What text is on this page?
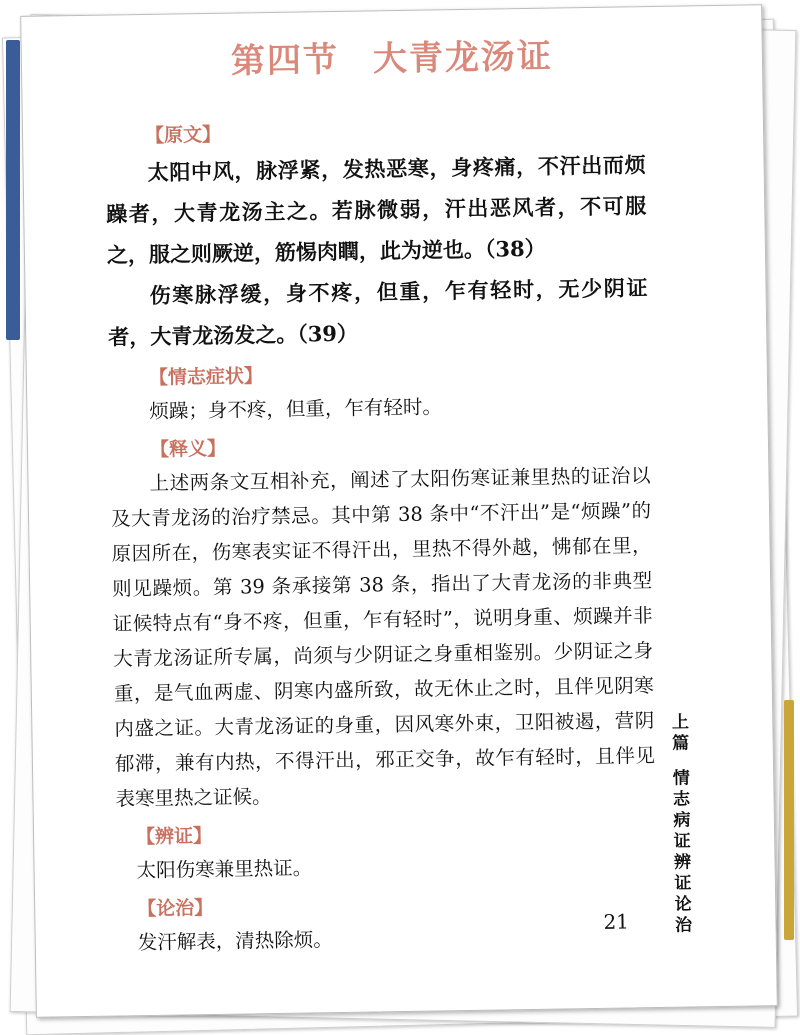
第四节 大青龙汤证
【原文】

太阳中风，脉浮紧，发热恶寒，身疼痛，不汗出而烦躁者，大青龙汤主之。若脉微弱，汗出恶风者，不可服之，服之则厥逆，筋惕肉瞤，此为逆也。（38）

伤寒脉浮缓，身不疼，但重，乍有轻时，无少阴证者，大青龙汤发之。（39）

【情志症状】

烦躁；身不疼，但重，乍有轻时。

【释义】

上述两条文互相补充，阐述了太阳伤寒证兼里热的证治以及大青龙汤的治疗禁忌。其中第 38 条中“不汗出”是“烦躁”的原因所在，伤寒表实证不得汗出，里热不得外越，怫郁在里，则见躁烦。第 39 条承接第 38 条，指出了大青龙汤的非典型证候特点有“身不疼，但重，乍有轻时”，说明身重、烦躁并非大青龙汤证所专属，尚须与少阴证之身重相鉴别。少阴证之身重，是气血两虚、阴寒内盛所致，故无休止之时，且伴见阴寒内盛之证。大青龙汤证的身重，因风寒外束，卫阳被遏，营阴郁滞，兼有内热，不得汗出，邪正交争，故乍有轻时，且伴见表寒里热之证候。

【辨证】

太阳伤寒兼里热证。

【论治】

发汗解表，清热除烦。

上
篇
情
志
病
证
辨
证
论
治
21
